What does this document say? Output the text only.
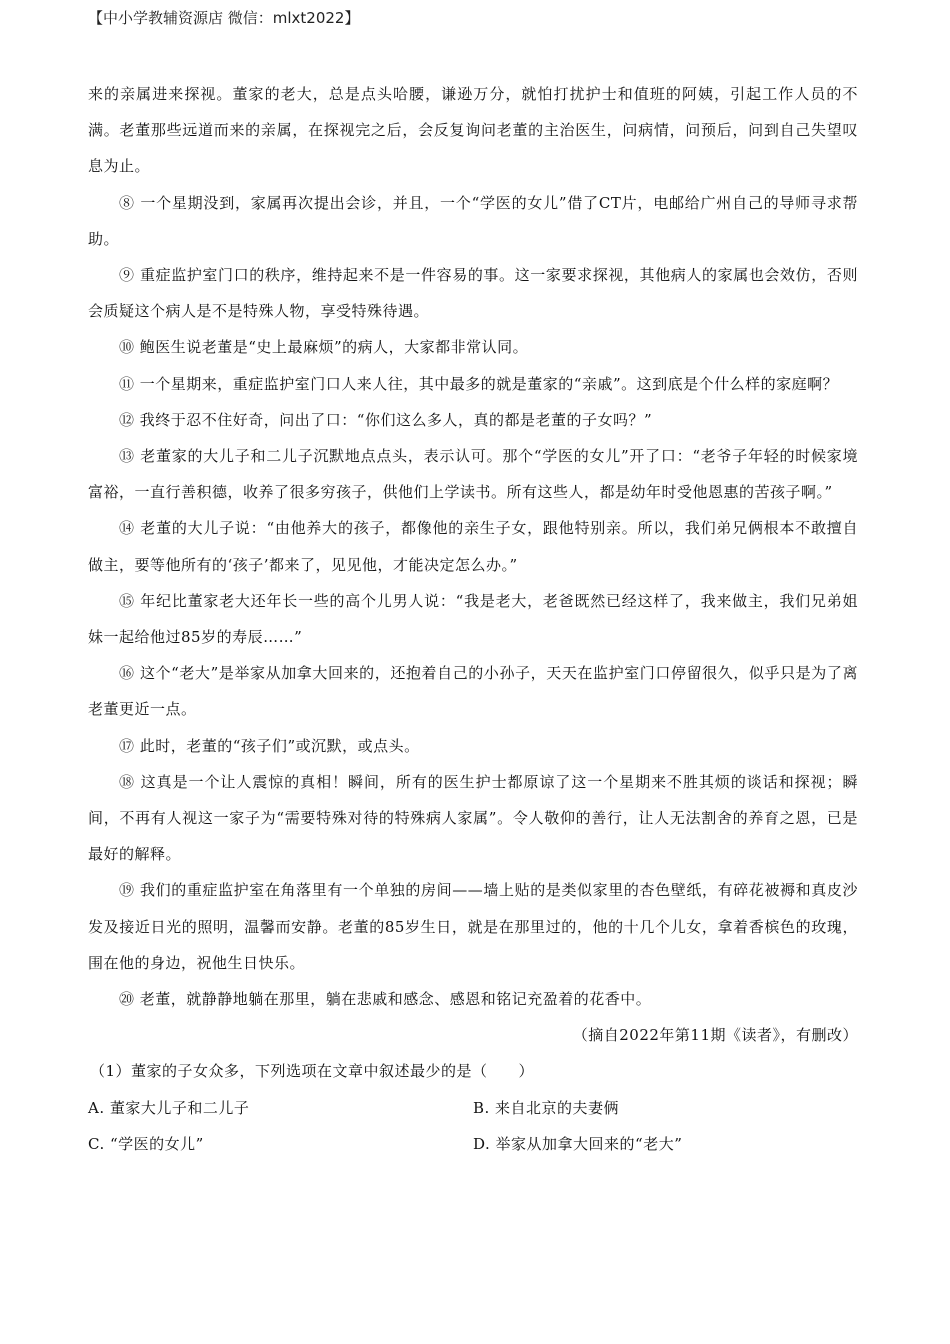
【中小学教辅资源店 微信：mlxt2022】

来的亲属进来探视。董家的老大，总是点头哈腰，谦逊万分，就怕打扰护士和值班的阿姨，引起工作人员的不满。老董那些远道而来的亲属，在探视完之后，会反复询问老董的主治医生，问病情，问预后，问到自己失望叹息为止。

⑧ 一个星期没到，家属再次提出会诊，并且，一个“学医的女儿”借了CT片，电邮给广州自己的导师寻求帮助。

⑨ 重症监护室门口的秩序，维持起来不是一件容易的事。这一家要求探视，其他病人的家属也会效仿，否则会质疑这个病人是不是特殊人物，享受特殊待遇。

⑩ 鲍医生说老董是“史上最麻烦”的病人，大家都非常认同。

⑪ 一个星期来，重症监护室门口人来人往，其中最多的就是董家的“亲戚”。这到底是个什么样的家庭啊？

⑫ 我终于忍不住好奇，问出了口：“你们这么多人，真的都是老董的子女吗？”

⑬ 老董家的大儿子和二儿子沉默地点点头，表示认可。那个“学医的女儿”开了口：“老爷子年轻的时候家境富裕，一直行善积德，收养了很多穷孩子，供他们上学读书。所有这些人，都是幼年时受他恩惠的苦孩子啊。”

⑭ 老董的大儿子说：“由他养大的孩子，都像他的亲生子女，跟他特别亲。所以，我们弟兄俩根本不敢擅自做主，要等他所有的‘孩子’都来了，见见他，才能决定怎么办。”

⑮ 年纪比董家老大还年长一些的高个儿男人说：“我是老大，老爸既然已经这样了，我来做主，我们兄弟姐妹一起给他过85岁的寿辰……”

⑯ 这个“老大”是举家从加拿大回来的，还抱着自己的小孙子，天天在监护室门口停留很久，似乎只是为了离老董更近一点。

⑰ 此时，老董的“孩子们”或沉默，或点头。

⑱ 这真是一个让人震惊的真相！瞬间，所有的医生护士都原谅了这一个星期来不胜其烦的谈话和探视；瞬间，不再有人视这一家子为“需要特殊对待的特殊病人家属”。令人敬仰的善行，让人无法割舍的养育之恩，已是最好的解释。

⑲ 我们的重症监护室在角落里有一个单独的房间——墙上贴的是类似家里的杏色壁纸，有碎花被褥和真皮沙发及接近日光的照明，温馨而安静。老董的85岁生日，就是在那里过的，他的十几个儿女，拿着香槟色的玫瑰，围在他的身边，祝他生日快乐。

⑳ 老董，就静静地躺在那里，躺在悲戚和感念、感恩和铭记充盈着的花香中。

（摘自2022年第11期《读者》，有删改）

（1）董家的子女众多，下列选项在文章中叙述最少的是（　　）

A. 董家大儿子和二儿子	B. 来自北京的夫妻俩
C. “学医的女儿”	D. 举家从加拿大回来的“老大”
